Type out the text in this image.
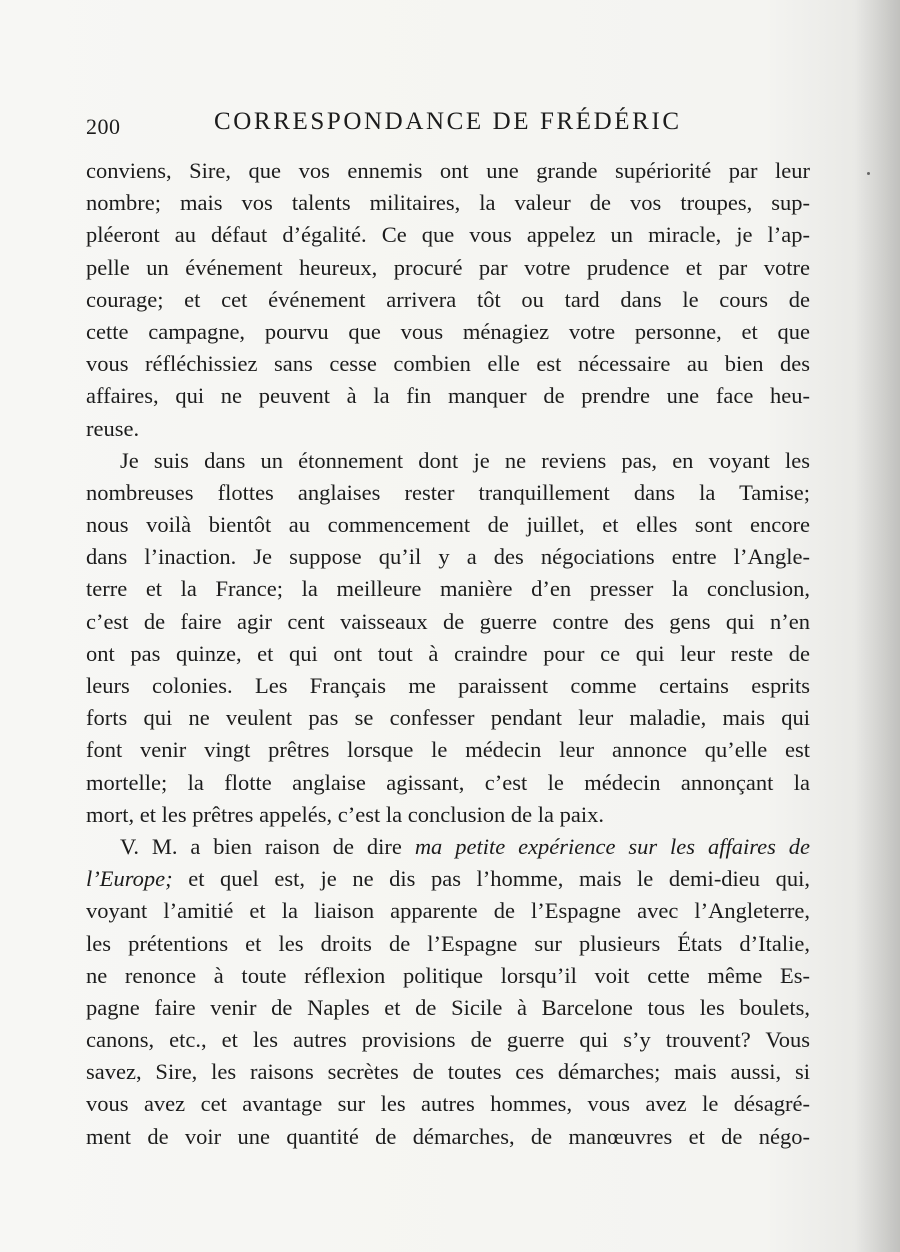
200	CORRESPONDANCE DE FRÉDÉRIC
conviens, Sire, que vos ennemis ont une grande supériorité par leur
nombre; mais vos talents militaires, la valeur de vos troupes, sup-
pléeront au défaut d’égalité. Ce que vous appelez un miracle, je l’ap-
pelle un événement heureux, procuré par votre prudence et par votre
courage; et cet événement arrivera tôt ou tard dans le cours de
cette campagne, pourvu que vous ménagiez votre personne, et que
vous réfléchissiez sans cesse combien elle est nécessaire au bien des
affaires, qui ne peuvent à la fin manquer de prendre une face heu-
reuse.
Je suis dans un étonnement dont je ne reviens pas, en voyant les
nombreuses flottes anglaises rester tranquillement dans la Tamise;
nous voilà bientôt au commencement de juillet, et elles sont encore
dans l’inaction. Je suppose qu’il y a des négociations entre l’Angle-
terre et la France; la meilleure manière d’en presser la conclusion,
c’est de faire agir cent vaisseaux de guerre contre des gens qui n’en
ont pas quinze, et qui ont tout à craindre pour ce qui leur reste de
leurs colonies. Les Français me paraissent comme certains esprits
forts qui ne veulent pas se confesser pendant leur maladie, mais qui
font venir vingt prêtres lorsque le médecin leur annonce qu’elle est
mortelle; la flotte anglaise agissant, c’est le médecin annonçant la
mort, et les prêtres appelés, c’est la conclusion de la paix.
V. M. a bien raison de dire ma petite expérience sur les affaires de
l’Europe; et quel est, je ne dis pas l’homme, mais le demi-dieu qui,
voyant l’amitié et la liaison apparente de l’Espagne avec l’Angleterre,
les prétentions et les droits de l’Espagne sur plusieurs États d’Italie,
ne renonce à toute réflexion politique lorsqu’il voit cette même Es-
pagne faire venir de Naples et de Sicile à Barcelone tous les boulets,
canons, etc., et les autres provisions de guerre qui s’y trouvent? Vous
savez, Sire, les raisons secrètes de toutes ces démarches; mais aussi, si
vous avez cet avantage sur les autres hommes, vous avez le désagré-
ment de voir une quantité de démarches, de manœuvres et de négo-
